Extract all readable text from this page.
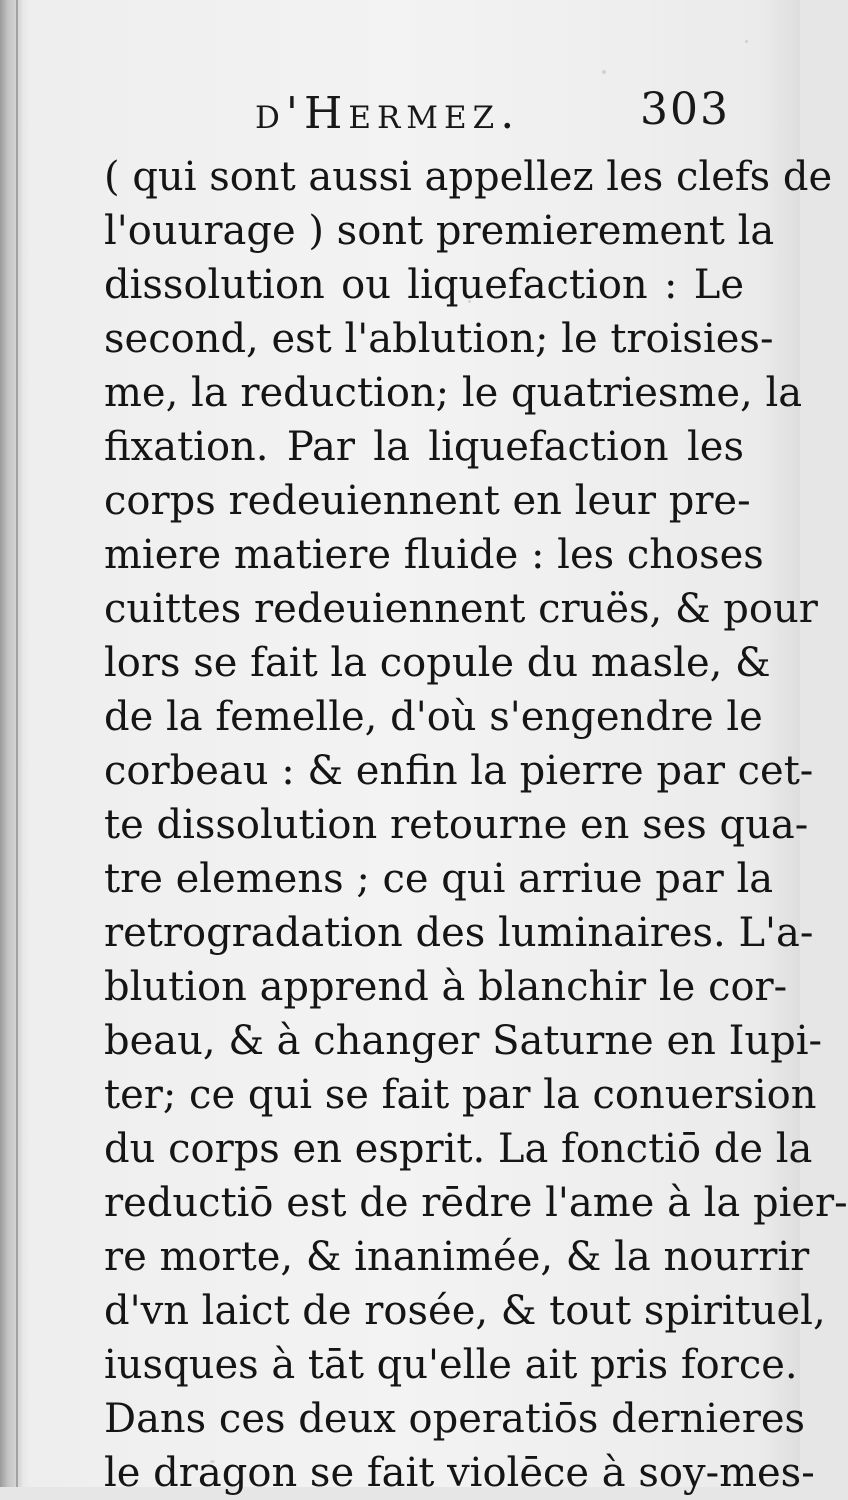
d'Hermez.	303
( qui sont aussi appellez les clefs de
l'ouurage ) sont premierement la
dissolution ou liquefaction : Le
second, est l'ablution; le troisies-
me, la reduction; le quatriesme, la
fixation. Par la liquefaction les
corps redeuiennent en leur pre-
miere matiere fluide : les choses
cuittes redeuiennent cruës, & pour
lors se fait la copule du masle, &
de la femelle, d'où s'engendre le
corbeau : & enfin la pierre par cet-
te dissolution retourne en ses qua-
tre elemens ; ce qui arriue par la
retrogradation des luminaires. L'a-
blution apprend à blanchir le cor-
beau, & à changer Saturne en Iupi-
ter; ce qui se fait par la conuersion
du corps en esprit. La fonctiō de la
reductiō est de rēdre l'ame à la pier-
re morte, & inanimée, & la nourrir
d'vn laict de rosée, & tout spirituel,
iusques à tāt qu'elle ait pris force.
Dans ces deux operatiōs dernieres
le dragon se fait violēce à soy-mes-
